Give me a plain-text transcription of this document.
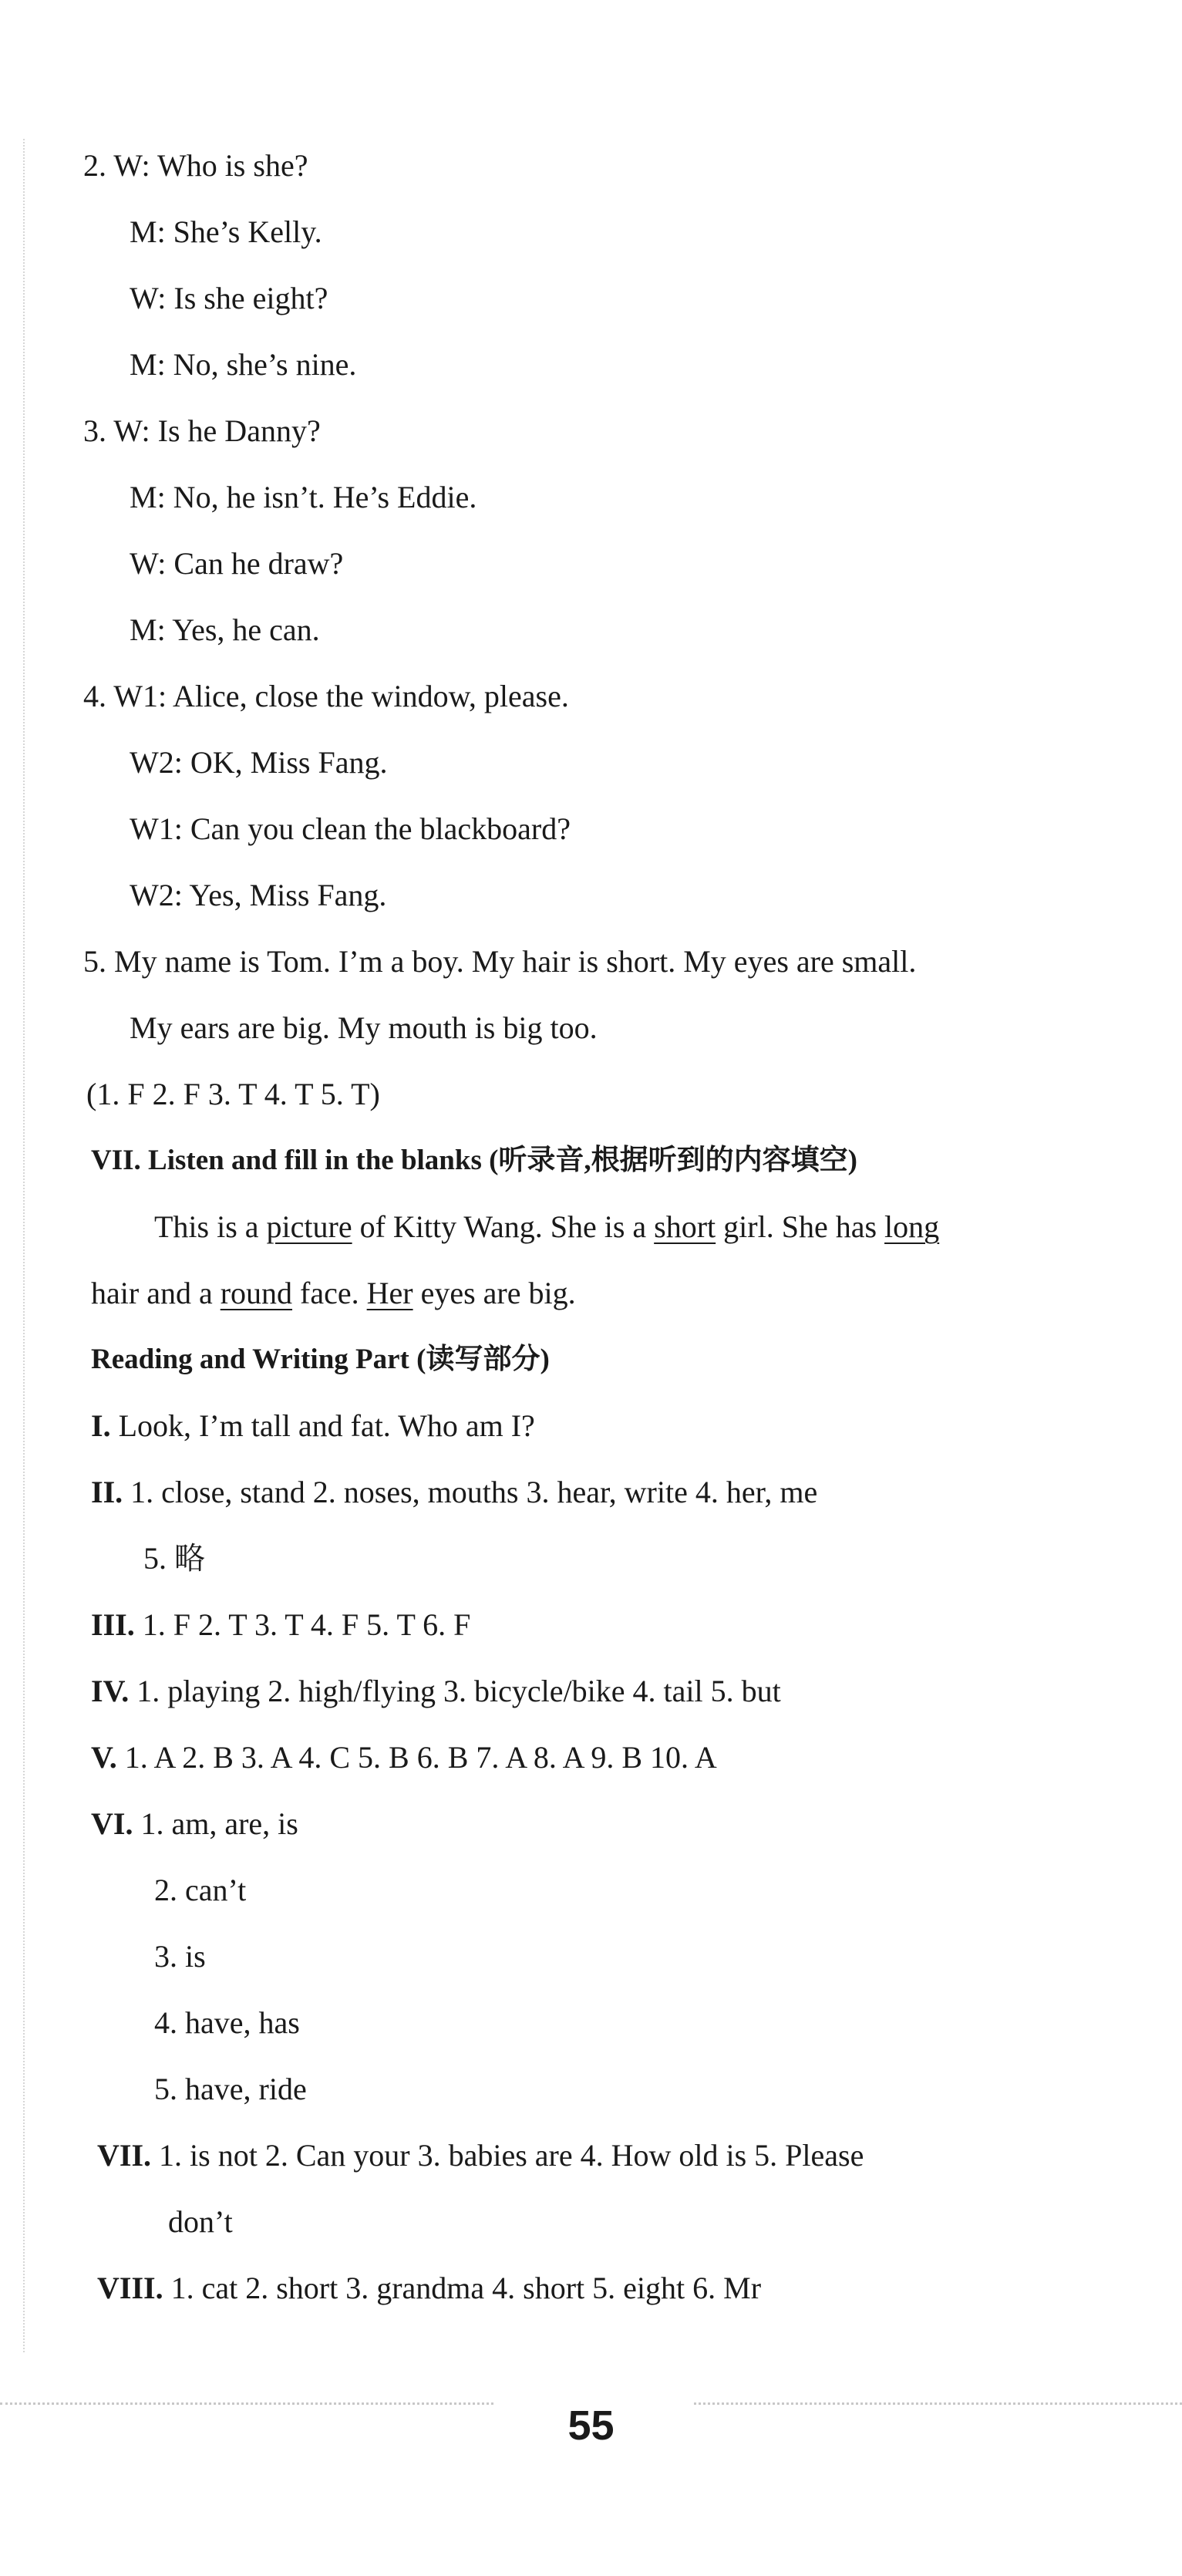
2. W: Who is she?
M: She’s Kelly.
W: Is she eight?
M: No, she’s nine.
3. W: Is he Danny?
M: No, he isn’t. He’s Eddie.
W: Can he draw?
M: Yes, he can.
4. W1: Alice, close the window, please.
W2: OK, Miss Fang.
W1: Can you clean the blackboard?
W2: Yes, Miss Fang.
5. My name is Tom. I’m a boy. My hair is short. My eyes are small.
My ears are big. My mouth is big too.
(1. F 2. F 3. T 4. T 5. T)
VII. Listen and fill in the blanks (听录音,根据听到的内容填空)
This is a picture of Kitty Wang. She is a short girl. She has long
hair and a round face. Her eyes are big.
Reading and Writing Part (读写部分)
I. Look, I’m tall and fat. Who am I?
II. 1. close, stand 2. noses, mouths 3. hear, write 4. her, me
5. 略
III. 1. F 2. T 3. T 4. F 5. T 6. F
IV. 1. playing 2. high/flying 3. bicycle/bike 4. tail 5. but
V. 1. A 2. B 3. A 4. C 5. B 6. B 7. A 8. A 9. B 10. A
VI. 1. am, are, is
2. can’t
3. is
4. have, has
5. have, ride
VII. 1. is not 2. Can your 3. babies are 4. How old is 5. Please
don’t
VIII. 1. cat 2. short 3. grandma 4. short 5. eight 6. Mr
55
